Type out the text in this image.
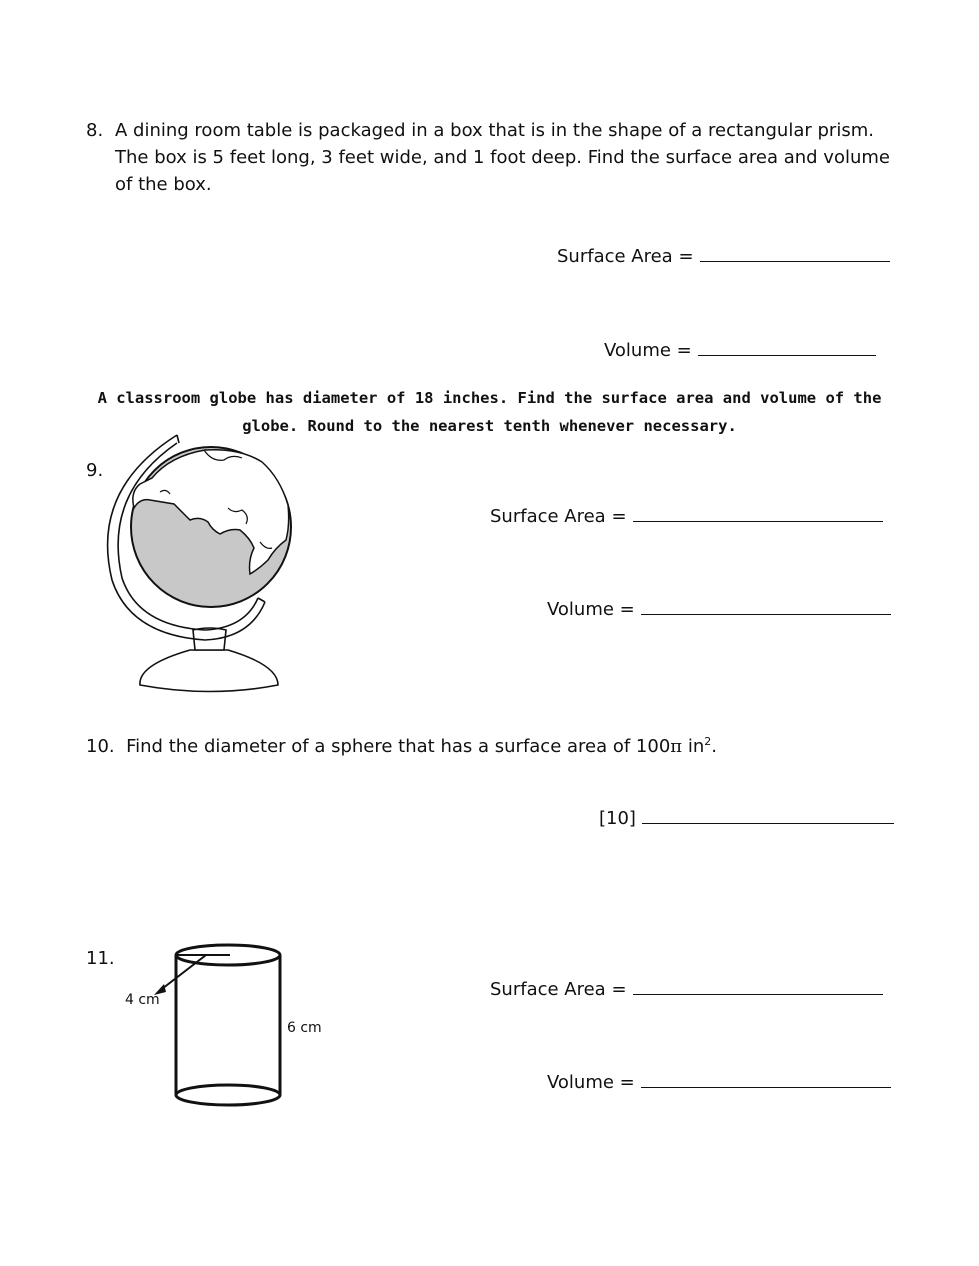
8. A dining room table is packaged in a box that is in the shape of a rectangular prism.
The box is 5 feet long, 3 feet wide, and 1 foot deep. Find the surface area and volume
of the box.
Surface Area =
Volume =
A classroom globe has diameter of 18 inches. Find the surface area and volume of the
globe. Round to the nearest tenth whenever necessary.
9.
Surface Area =
Volume =
10. Find the diameter of a sphere that has a surface area of 100π $in^2$.
[10]
11.
4 cm
6 cm
Surface Area =
Volume =
